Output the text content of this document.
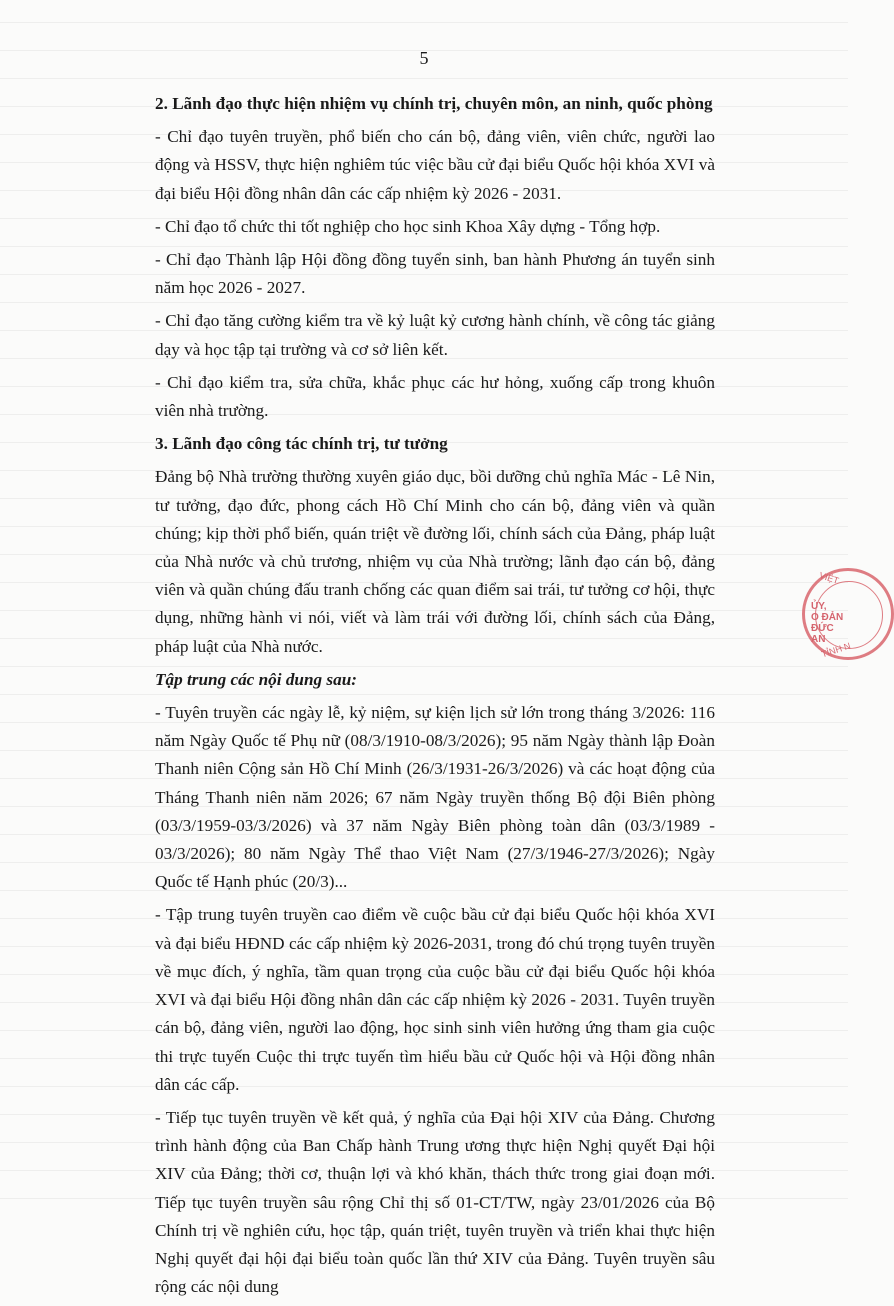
5

2. Lãnh đạo thực hiện nhiệm vụ chính trị, chuyên môn, an ninh, quốc phòng

- Chỉ đạo tuyên truyền, phổ biến cho cán bộ, đảng viên, viên chức, người lao động và HSSV, thực hiện nghiêm túc việc bầu cử đại biểu Quốc hội khóa XVI và đại biểu Hội đồng nhân dân các cấp nhiệm kỳ 2026 - 2031.

- Chỉ đạo tổ chức thi tốt nghiệp cho học sinh Khoa Xây dựng - Tổng hợp.

- Chỉ đạo Thành lập Hội đồng đồng tuyển sinh, ban hành Phương án tuyển sinh năm học 2026 - 2027.

- Chỉ đạo tăng cường kiểm tra về kỷ luật kỷ cương hành chính, về công tác giảng dạy và học tập tại trường và cơ sở liên kết.

- Chỉ đạo kiểm tra, sửa chữa, khắc phục các hư hỏng, xuống cấp trong khuôn viên nhà trường.

3. Lãnh đạo công tác chính trị, tư tưởng

Đảng bộ Nhà trường thường xuyên giáo dục, bồi dưỡng chủ nghĩa Mác - Lê Nin, tư tưởng, đạo đức, phong cách Hồ Chí Minh cho cán bộ, đảng viên và quần chúng; kịp thời phổ biến, quán triệt về đường lối, chính sách của Đảng, pháp luật của Nhà nước và chủ trương, nhiệm vụ của Nhà trường; lãnh đạo cán bộ, đảng viên và quần chúng đấu tranh chống các quan điểm sai trái, tư tưởng cơ hội, thực dụng, những hành vi nói, viết và làm trái với đường lối, chính sách của Đảng, pháp luật của Nhà nước.

Tập trung các nội dung sau:

- Tuyên truyền các ngày lễ, kỷ niệm, sự kiện lịch sử lớn trong tháng 3/2026: 116 năm Ngày Quốc tế Phụ nữ (08/3/1910-08/3/2026); 95 năm Ngày thành lập Đoàn Thanh niên Cộng sản Hồ Chí Minh (26/3/1931-26/3/2026) và các hoạt động của Tháng Thanh niên năm 2026; 67 năm Ngày truyền thống Bộ đội Biên phòng (03/3/1959-03/3/2026) và 37 năm Ngày Biên phòng toàn dân (03/3/1989 - 03/3/2026); 80 năm Ngày Thể thao Việt Nam (27/3/1946-27/3/2026); Ngày Quốc tế Hạnh phúc (20/3)...

- Tập trung tuyên truyền cao điểm về cuộc bầu cử đại biểu Quốc hội khóa XVI và đại biểu HĐND các cấp nhiệm kỳ 2026-2031, trong đó chú trọng tuyên truyền về mục đích, ý nghĩa, tầm quan trọng của cuộc bầu cử đại biểu Quốc hội khóa XVI và đại biểu Hội đồng nhân dân các cấp nhiệm kỳ 2026 - 2031. Tuyên truyền cán bộ, đảng viên, người lao động, học sinh sinh viên hưởng ứng tham gia cuộc thi trực tuyến Cuộc thi trực tuyến tìm hiểu bầu cử Quốc hội và Hội đồng nhân dân các cấp.

- Tiếp tục tuyên truyền về kết quả, ý nghĩa của Đại hội XIV của Đảng. Chương trình hành động của Ban Chấp hành Trung ương thực hiện Nghị quyết Đại hội XIV của Đảng; thời cơ, thuận lợi và khó khăn, thách thức trong giai đoạn mới. Tiếp tục tuyên truyền sâu rộng Chỉ thị số 01-CT/TW, ngày 23/01/2026 của Bộ Chính trị về nghiên cứu, học tập, quán triệt, tuyên truyền và triển khai thực hiện Nghị quyết đại hội đại biểu toàn quốc lần thứ XIV của Đảng. Tuyên truyền sâu rộng các nội dung

VIỆT
ỦY,
O ĐẢN
ĐỨC
AN
TỈNH N
